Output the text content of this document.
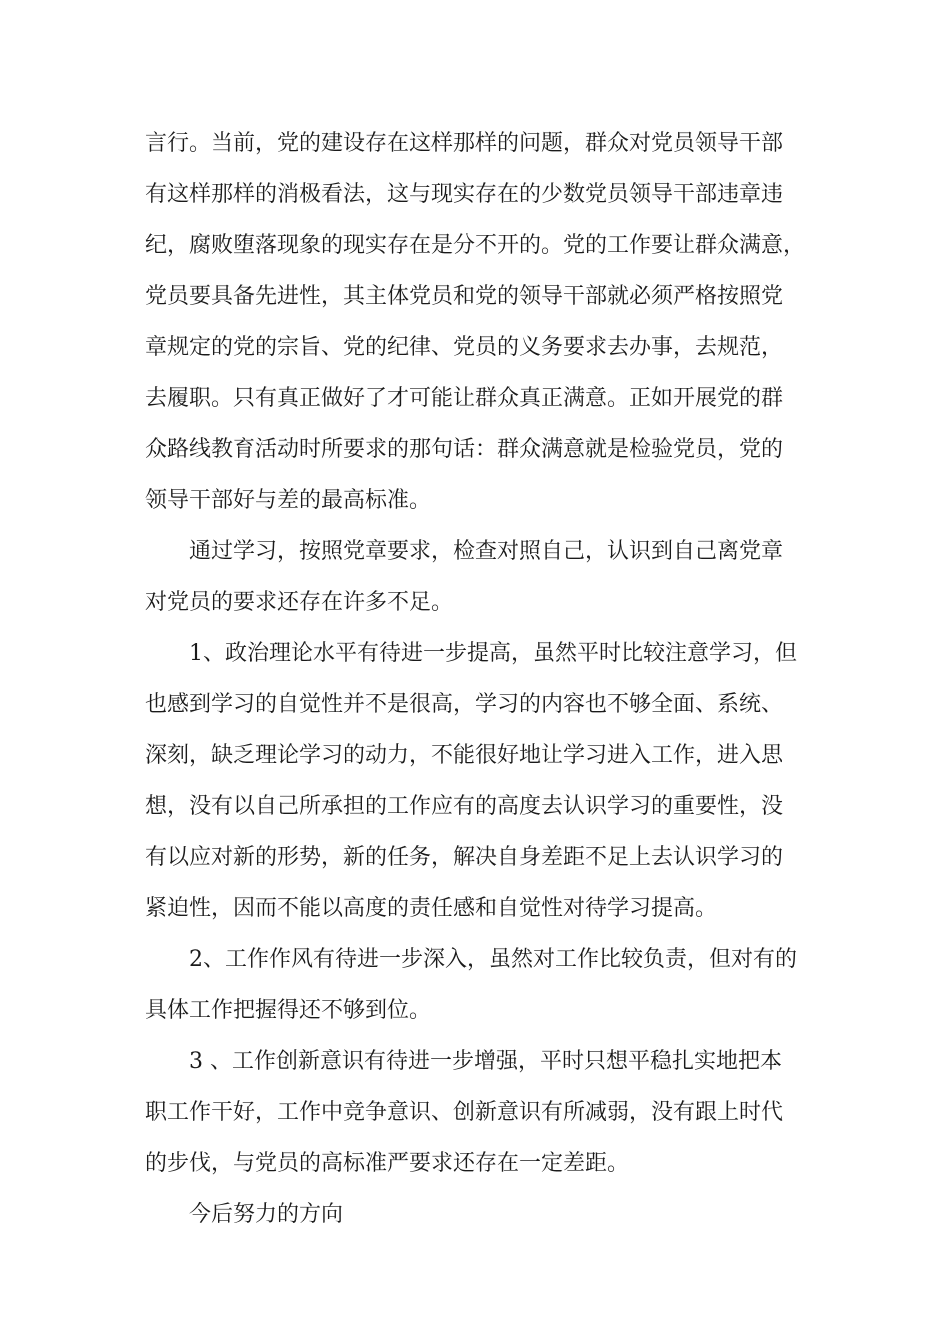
言行。当前，党的建设存在这样那样的问题，群众对党员领导干部
有这样那样的消极看法，这与现实存在的少数党员领导干部违章违
纪，腐败堕落现象的现实存在是分不开的。党的工作要让群众满意，
党员要具备先进性，其主体党员和党的领导干部就必须严格按照党
章规定的党的宗旨、党的纪律、党员的义务要求去办事，去规范，
去履职。只有真正做好了才可能让群众真正满意。正如开展党的群
众路线教育活动时所要求的那句话：群众满意就是检验党员，党的
领导干部好与差的最高标准。
通过学习，按照党章要求，检查对照自己，认识到自己离党章
对党员的要求还存在许多不足。
1、政治理论水平有待进一步提高，虽然平时比较注意学习，但
也感到学习的自觉性并不是很高，学习的内容也不够全面、系统、
深刻，缺乏理论学习的动力，不能很好地让学习进入工作，进入思
想，没有以自己所承担的工作应有的高度去认识学习的重要性，没
有以应对新的形势，新的任务，解决自身差距不足上去认识学习的
紧迫性，因而不能以高度的责任感和自觉性对待学习提高。
2、工作作风有待进一步深入，虽然对工作比较负责，但对有的
具体工作把握得还不够到位。
3 、工作创新意识有待进一步增强，平时只想平稳扎实地把本
职工作干好，工作中竞争意识、创新意识有所减弱，没有跟上时代
的步伐，与党员的高标准严要求还存在一定差距。
今后努力的方向
